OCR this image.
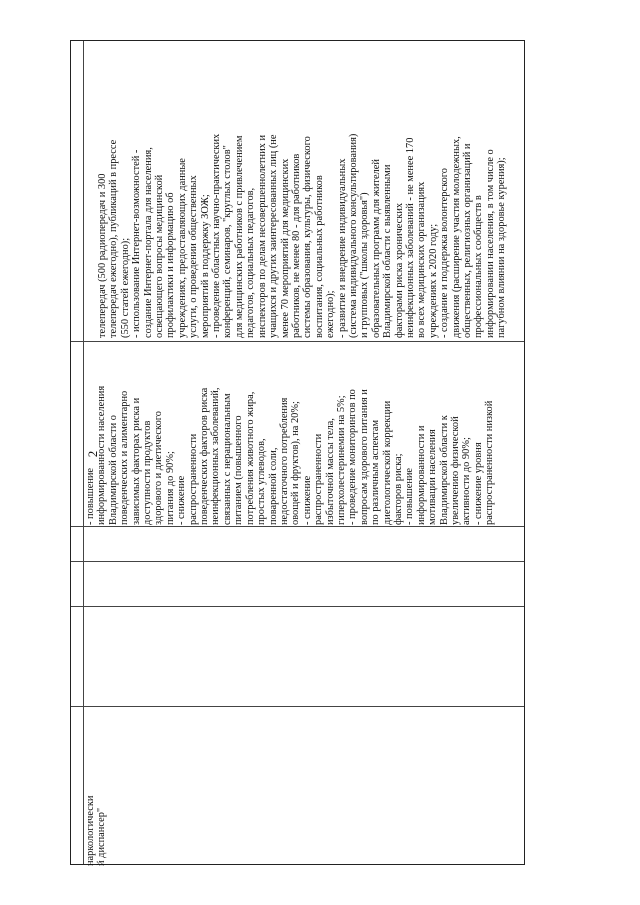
2
наркологически й диспансер"
- повышение информированности населения Владимирской области о поведенческих и алиментарно зависимых факторах риска и доступности продуктов здорового и диетического питания до 90%; - снижение распространенности поведенческих факторов риска неинфекционных заболеваний, связанных с нерациональным питанием (повышенного потребления животного жира, простых углеводов, поваренной соли, недостаточного потребления овощей и фруктов), на 20%; - снижение распространенности избыточной массы тела, гиперхолестеринемии на 5%; - проведение мониторингов по вопросам здорового питания и по различным аспектам диетологической коррекции факторов риска; - повышение информированности и мотивации населения Владимирской области к увеличению физической активности до 90%; - снижение уровня распространенности низкой
телепередач (500 радиопередач и 300 телепередач ежегодно), публикаций в прессе (550 статей ежегодно); - использование Интернет-возможностей - создание Интернет-портала для населения, освещающего вопросы медицинской профилактики и информацию об учреждениях, предоставляющих данные услуги, о проведении общественных мероприятий в поддержку ЗОЖ; - проведение областных научно-практических конференций, семинаров, "круглых столов" для медицинских работников с привлечением педагогов, социальных педагогов, инспекторов по делам несовершеннолетних и учащихся и других заинтересованных лиц (не менее 70 мероприятий для медицинских работников, не менее 80 - для работников системы образования, культуры, физического воспитания, социальных работников ежегодно); - развитие и внедрение индивидуальных (система индивидуального консультирования) и групповых ("школы здоровья") образовательных программ для жителей Владимирской области с выявленными факторами риска хронических неинфекционных заболеваний - не менее 170 во всех медицинских организациях учреждениях к 2020 году; - создание и поддержка волонтерского движения (расширение участия молодежных, общественных, религиозных организаций и профессиональных сообществ в информировании населения, в том числе о пагубном влиянии на здоровье курения);
